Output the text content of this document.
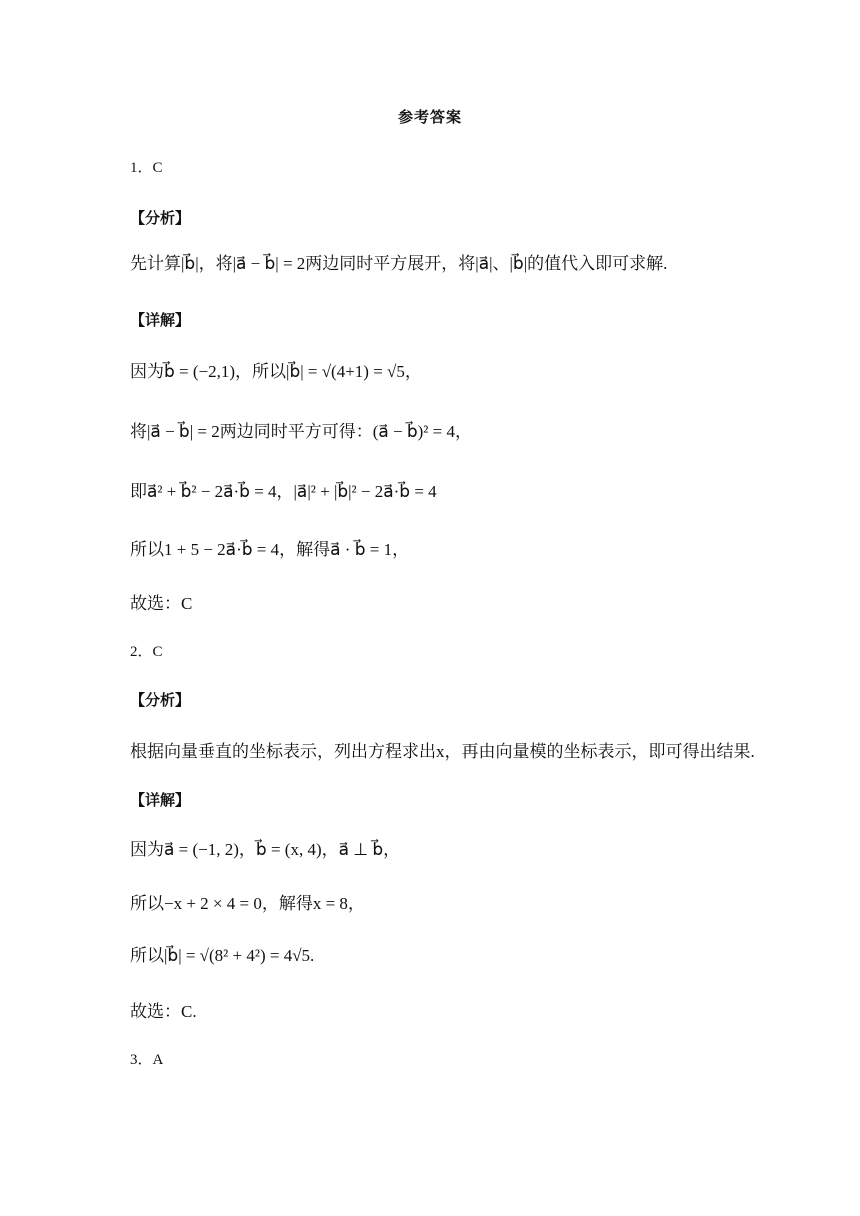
参考答案
1．C
【分析】
先计算|b⃗|，将|a⃗ − b⃗| = 2两边同时平方展开，将|a⃗|、|b⃗|的值代入即可求解.
【详解】
因为b⃗ = (−2,1)，所以|b⃗| = √(4+1) = √5，
将|a⃗ − b⃗| = 2两边同时平方可得：(a⃗ − b⃗)² = 4，
即a⃗² + b⃗² − 2a⃗·b⃗ = 4，|a⃗|² + |b⃗|² − 2a⃗·b⃗ = 4
所以1 + 5 − 2a⃗·b⃗ = 4，解得a⃗ · b⃗ = 1，
故选：C
2．C
【分析】
根据向量垂直的坐标表示，列出方程求出x，再由向量模的坐标表示，即可得出结果.
【详解】
因为a⃗ = (−1, 2)，b⃗ = (x, 4)，a⃗ ⊥ b⃗，
所以−x + 2 × 4 = 0，解得x = 8，
所以|b⃗| = √(8² + 4²) = 4√5.
故选：C.
3．A
